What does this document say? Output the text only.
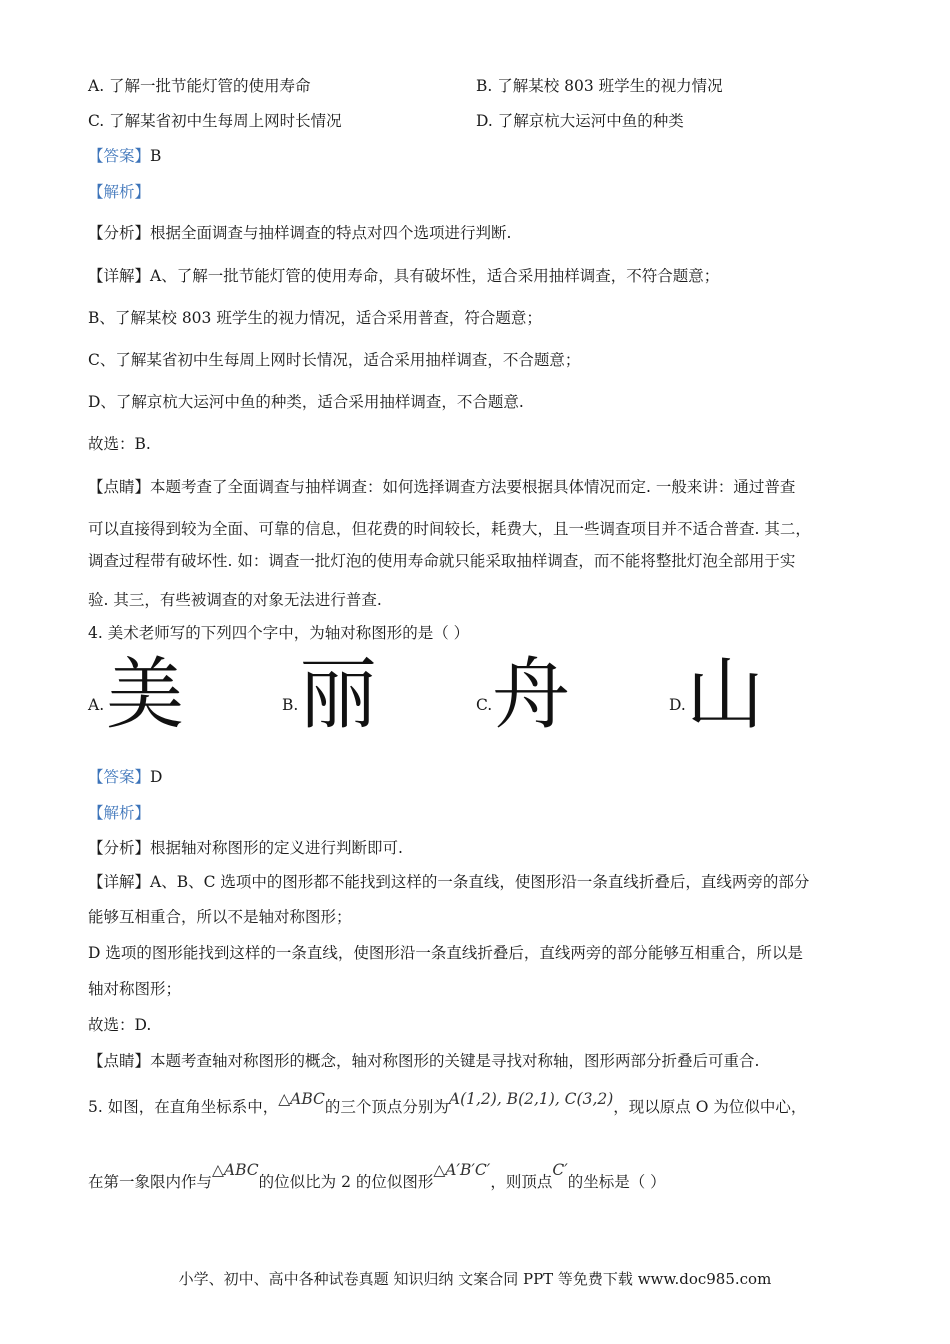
A. 了解一批节能灯管的使用寿命	B. 了解某校 803 班学生的视力情况
C. 了解某省初中生每周上网时长情况	D. 了解京杭大运河中鱼的种类
【答案】B
【解析】
【分析】根据全面调查与抽样调查的特点对四个选项进行判断.
【详解】A、了解一批节能灯管的使用寿命，具有破坏性，适合采用抽样调查，不符合题意；
B、了解某校 803 班学生的视力情况，适合采用普查，符合题意；
C、了解某省初中生每周上网时长情况，适合采用抽样调查，不合题意；
D、了解京杭大运河中鱼的种类，适合采用抽样调查，不合题意.
故选：B.
【点睛】本题考查了全面调查与抽样调查：如何选择调查方法要根据具体情况而定. 一般来讲：通过普查
可以直接得到较为全面、可靠的信息，但花费的时间较长，耗费大，且一些调查项目并不适合普查. 其二，
调查过程带有破坏性. 如：调查一批灯泡的使用寿命就只能采取抽样调查，而不能将整批灯泡全部用于实
验. 其三，有些被调查的对象无法进行普查.
4. 美术老师写的下列四个字中，为轴对称图形的是（ ）
A. 美	B. 丽	C. 舟	D. 山
【答案】D
【解析】
【分析】根据轴对称图形的定义进行判断即可.
【详解】A、B、C 选项中的图形都不能找到这样的一条直线，使图形沿一条直线折叠后，直线两旁的部分
能够互相重合，所以不是轴对称图形；
D 选项的图形能找到这样的一条直线，使图形沿一条直线折叠后，直线两旁的部分能够互相重合，所以是
轴对称图形；
故选：D.
【点睛】本题考查轴对称图形的概念，轴对称图形的关键是寻找对称轴，图形两部分折叠后可重合.
5. 如图，在直角坐标系中，△ABC的三个顶点分别为A(1,2), B(2,1), C(3,2)，现以原点 O 为位似中心，
在第一象限内作与△ABC的位似比为 2 的位似图形△A′B′C′，则顶点C′的坐标是（ ）
小学、初中、高中各种试卷真题 知识归纳 文案合同 PPT 等免费下载 www.doc985.com
